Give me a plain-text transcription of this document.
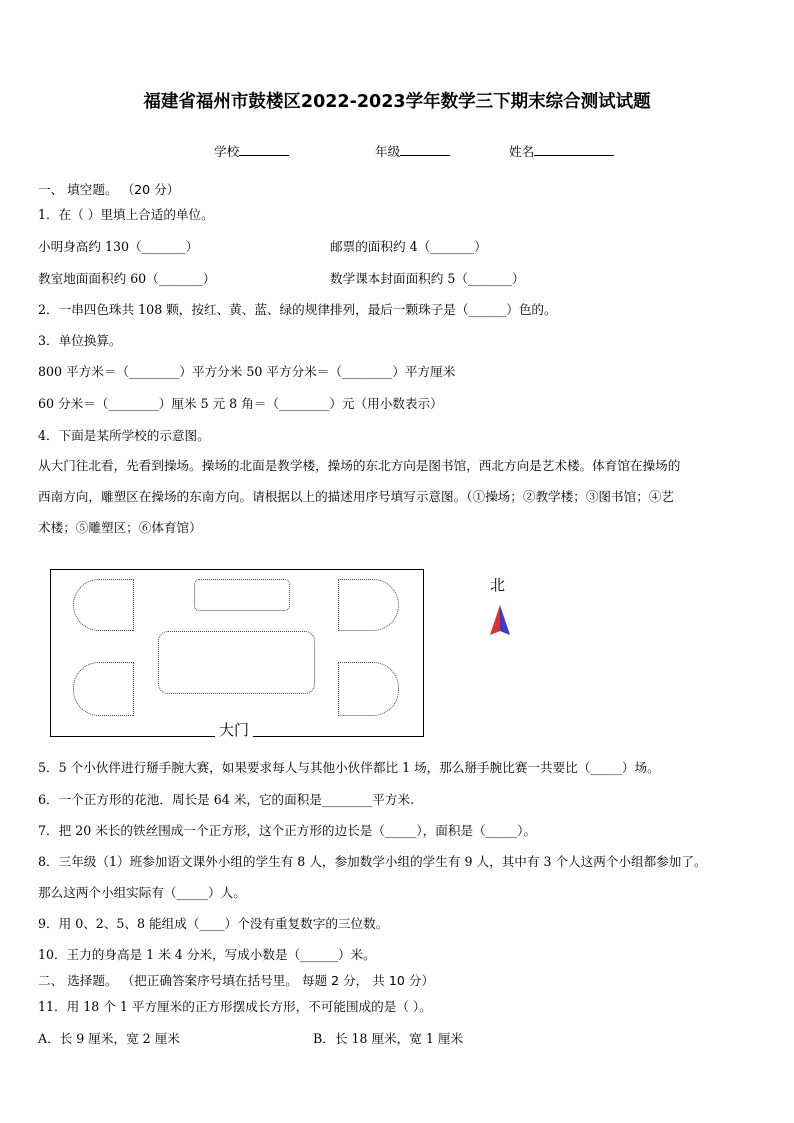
福建省福州市鼓楼区2022-2023学年数学三下期末综合测试试题
学校	年级	姓名
一、 填空题。 （20 分）
1．在（ ）里填上合适的单位。
小明身高约 130（_______）	邮票的面积约 4（_______）
教室地面面积约 60（_______）	数学课本封面面积约 5（_______）
2．一串四色珠共 108 颗，按红、黄、蓝、绿的规律排列，最后一颗珠子是（______）色的。
3．单位换算。
800 平方米＝（________）平方分米 50 平方分米＝（________）平方厘米
60 分米＝（________）厘米 5 元 8 角＝（________）元（用小数表示）
4．下面是某所学校的示意图。
从大门往北看，先看到操场。操场的北面是教学楼，操场的东北方向是图书馆，西北方向是艺术楼。体育馆在操场的
西南方向，雕塑区在操场的东南方向。请根据以上的描述用序号填写示意图。（①操场；②教学楼；③图书馆；④艺
术楼；⑤雕塑区；⑥体育馆）
大门
北
5．5 个小伙伴进行掰手腕大赛，如果要求每人与其他小伙伴都比 1 场，那么掰手腕比赛一共要比（_____）场。
6．一个正方形的花池．周长是 64 米，它的面积是________平方米.
7．把 20 米长的铁丝围成一个正方形，这个正方形的边长是（_____），面积是（_____）。
8．三年级（1）班参加语文课外小组的学生有 8 人，参加数学小组的学生有 9 人，其中有 3 个人这两个小组都参加了。
那么这两个小组实际有（_____）人。
9．用 0、2、5、8 能组成（____）个没有重复数字的三位数。
10．王力的身高是 1 米 4 分米，写成小数是（______）米。
二、 选择题。 （把正确答案序号填在括号里。 每题 2 分， 共 10 分）
11．用 18 个 1 平方厘米的正方形摆成长方形，不可能围成的是（ ）。
A．长 9 厘米，宽 2 厘米	B．长 18 厘米，宽 1 厘米
